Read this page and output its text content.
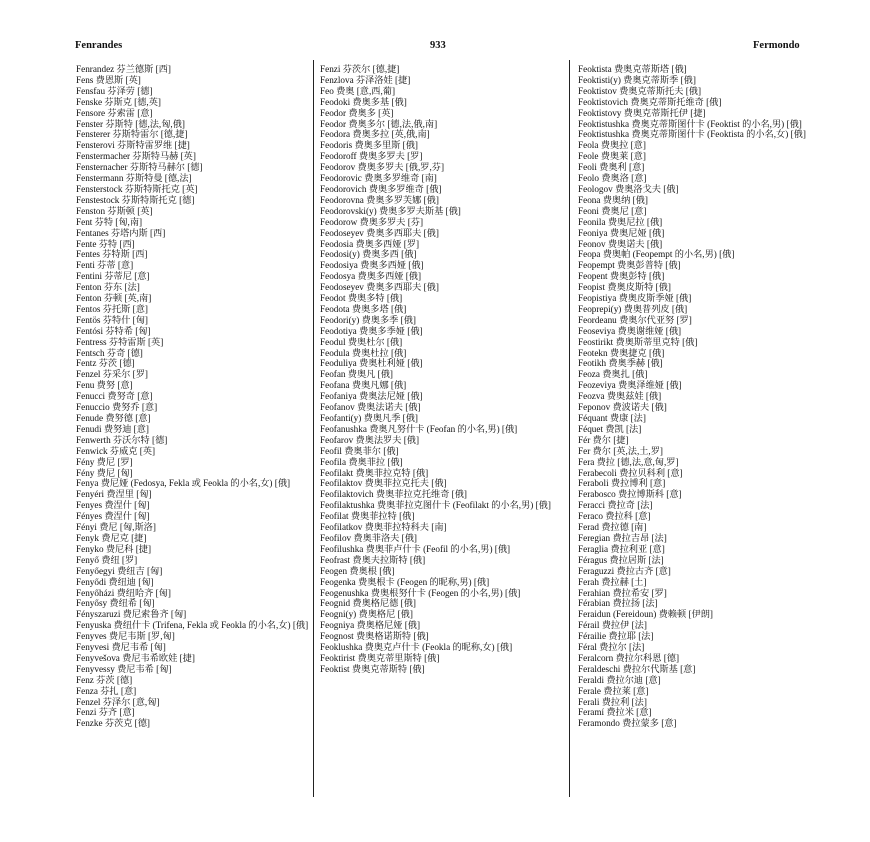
Fenrandes	933	Fermondo
Fenrandez 芬兰德斯 [西]
Fens 费恩斯 [英]
Fensfau 芬泽劳 [德]
Fenske 芬斯克 [德,英]
Fensore 芬索雷 [意]
Fenster 芬斯特 [德,法,匈,俄]
Fensterer 芬斯特雷尔 [德,捷]
Fensterovi 芬斯特雷罗维 [捷]
Fenstermacher 芬斯特马赫 [英]
Fensternacher 芬斯特马赫尔 [德]
Fenstermann 芬斯特曼 [德,法]
Fensterstock 芬斯特斯托克 [英]
Fenstestock 芬斯特斯托克 [德]
Fenston 芬斯顿 [英]
Fent 芬特 [匈,南]
Fentanes 芬塔内斯 [西]
Fente 芬特 [西]
Fentes 芬特斯 [西]
Fenti 芬蒂 [意]
Fentini 芬蒂尼 [意]
Fenton 芬东 [法]
Fenton 芬顿 [英,南]
Fentos 芬托斯 [意]
Fentös 芬特什 [匈]
Fentósi 芬特希 [匈]
Fentress 芬特雷斯 [英]
Fentsch 芬奇 [德]
Fentz 芬茨 [德]
Fenzel 芬采尔 [罗]
Fenu 费努 [意]
Fenucci 费努奇 [意]
Fenuccio 费努乔 [意]
Fenude 费努德 [意]
Fenudi 费努迪 [意]
Fenwerth 芬沃尔特 [德]
Fenwick 芬威克 [英]
Fény 费尼 [罗]
Fény 费尼 [匈]
Fenya 费尼娅 (Fedosya, Fekla 或 Feokla 的小名,女) [俄]
Fenyéri 费涅里 [匈]
Fenyes 费涅什 [匈]
Fényes 费涅什 [匈]
Fényi 费尼 [匈,斯洛]
Fenyk 费尼克 [捷]
Fenyko 费尼科 [捷]
Fenyő 费纽 [罗]
Fenyőegyi 费纽吉 [匈]
Fenyődi 费纽迪 [匈]
Fenyőházi 费纽哈齐 [匈]
Fenyősy 费纽希 [匈]
Fényszaruzi 费尼索鲁齐 [匈]
Fenyuska 费纽什卡 (Trifena, Fekla 或 Feokla 的小名,女) [俄]
Fenyves 费尼韦斯 [罗,匈]
Fenyvesi 费尼韦希 [匈]
Fenyvešova 费尼韦希欧娃 [捷]
Fenyvessy 费尼韦希 [匈]
Fenz 芬茨 [德]
Fenza 芬扎 [意]
Fenzel 芬泽尔 [意,匈]
Fenzi 芬齐 [意]
Fenzke 芬茨克 [德]
Fenzi 芬茨尔 [德,捷]
Fenzlova 芬泽洛娃 [捷]
Feo 费奥 [意,西,葡]
Feodoki 费奥多基 [俄]
Feodor 费奥多 [英]
Feodor 费奥多尔 [德,法,俄,南]
Feodora 费奥多拉 [英,俄,南]
Feodoris 费奥多里斯 [俄]
Feodoroff 费奥多罗夫 [罗]
Feodorov 费奥多罗夫 [俄,罗,芬]
Feodorovic 费奥多罗维奇 [南]
Feodorovich 费奥多罗维奇 [俄]
Feodorovna 费奥多罗芙娜 [俄]
Feodorovski(y) 费奥多罗夫斯基 [俄]
Feodorow 费奥多罗夫 [芬]
Feodoseyev 费奥多西耶夫 [俄]
Feodosia 费奥多西娅 [罗]
Feodosi(y) 费奥多西 [俄]
Feodosiya 费奥多西娅 [俄]
Feodosya 费奥多西娅 [俄]
Feodoseyev 费奥多西耶夫 [俄]
Feodot 费奥多特 [俄]
Feodota 费奥多塔 [俄]
Feodori(y) 费奥多季 [俄]
Feodotiya 费奥多季娅 [俄]
Feodul 费奥杜尔 [俄]
Feodula 费奥杜拉 [俄]
Feoduliya 费奥杜利娅 [俄]
Feofan 费奥凡 [俄]
Feofana 费奥凡娜 [俄]
Feofaniya 费奥法尼娅 [俄]
Feofanov 费奥法诺夫 [俄]
Feofanti(y) 费奥凡季 [俄]
Feofanushka 费奥凡努什卡 (Feofan 的小名,男) [俄]
Feofarov 费奥法罗夫 [俄]
Feofil 费奥菲尔 [俄]
Feofila 费奥菲拉 [俄]
Feofilakt 费奥菲拉克特 [俄]
Feofilaktov 费奥菲拉克托夫 [俄]
Feofilaktovich 费奥菲拉克托维奇 [俄]
Feofilaktushka 费奥菲拉克图什卡 (Feofilakt 的小名,男) [俄]
Feofilat 费奥菲拉特 [俄]
Feofilatkov 费奥菲拉特科夫 [南]
Feofilov 费奥菲洛夫 [俄]
Feofilushka 费奥菲卢什卡 (Feofil 的小名,男) [俄]
Feofrast 费奥夫拉斯特 [俄]
Feogen 费奥根 [俄]
Feogenka 费奥根卡 (Feogen 的昵称,男) [俄]
Feogenushka 费奥根努什卡 (Feogen 的小名,男) [俄]
Feognid 费奥格尼德 [俄]
Feogni(y) 费奥格尼 [俄]
Feogniya 费奥格尼娅 [俄]
Feognost 费奥格诺斯特 [俄]
Feoklushka 费奥克卢什卡 (Feokla 的昵称,女) [俄]
Feoktirist 费奥克蒂里斯特 [俄]
Feoktist 费奥克蒂斯特 [俄]
Feoktista 费奥克蒂斯塔 [俄]
Feoktisti(y) 费奥克蒂斯季 [俄]
Feoktistov 费奥克蒂斯托夫 [俄]
Feoktistovich 费奥克蒂斯托维奇 [俄]
Feoktistovy 费奥克蒂斯托伊 [捷]
Feoktistushka 费奥克蒂斯图什卡 (Feoktist 的小名,男) [俄]
Feoktistushka 费奥克蒂斯图什卡 (Feoktista 的小名,女) [俄]
Feola 费奥拉 [意]
Feole 费奥莱 [意]
Feoli 费奥利 [意]
Feolo 费奥洛 [意]
Feologov 费奥洛戈夫 [俄]
Feona 费奥纳 [俄]
Feoni 费奥尼 [意]
Feonila 费奥尼拉 [俄]
Feoniya 费奥尼娅 [俄]
Feonov 费奥诺夫 [俄]
Feopa 费奥帕 (Feopempt 的小名,男) [俄]
Feopempt 费奥彭普特 [俄]
Feopent 费奥彭特 [俄]
Feopist 费奥皮斯特 [俄]
Feopistiya 费奥皮斯季娅 [俄]
Feoprepi(y) 费奥普列皮 [俄]
Feordeanu 费奥尔代亚努 [罗]
Feoseviya 费奥谢维娅 [俄]
Feostirikt 费奥斯蒂里克特 [俄]
Feotekn 费奥捷克 [俄]
Feotikh 费奥季赫 [俄]
Feoza 费奥扎 [俄]
Feozeviya 费奥泽维娅 [俄]
Feozva 费奥兹娃 [俄]
Feponov 费波诺夫 [俄]
Féquant 费康 [法]
Féquet 费凯 [法]
Fér 费尔 [捷]
Fer 费尔 [英,法,土,罗]
Fera 费拉 [德,法,意,匈,罗]
Ferabecoli 费拉贝科利 [意]
Feraboli 费拉博利 [意]
Ferabosco 费拉博斯科 [意]
Feracci 费拉奇 [法]
Feraco 费拉科 [意]
Ferad 费拉德 [南]
Feregian 费拉吉昂 [法]
Feraglia 费拉利亚 [意]
Féragus 费拉居斯 [法]
Feraguzzi 费拉古齐 [意]
Ferah 费拉赫 [土]
Ferahian 费拉希安 [罗]
Férabian 费拉扬 [法]
Feraidun (Fereidoun) 费赖顿 [伊朗]
Férail 费拉伊 [法]
Férailie 费拉耶 [法]
Féral 费拉尔 [法]
Feralcorn 费拉尔科恩 [德]
Feraldeschi 费拉尔代斯基 [意]
Feraldi 费拉尔迪 [意]
Ferale 费拉莱 [意]
Ferali 费拉利 [法]
Feramí 费拉米 [意]
Feramondo 费拉蒙多 [意]
